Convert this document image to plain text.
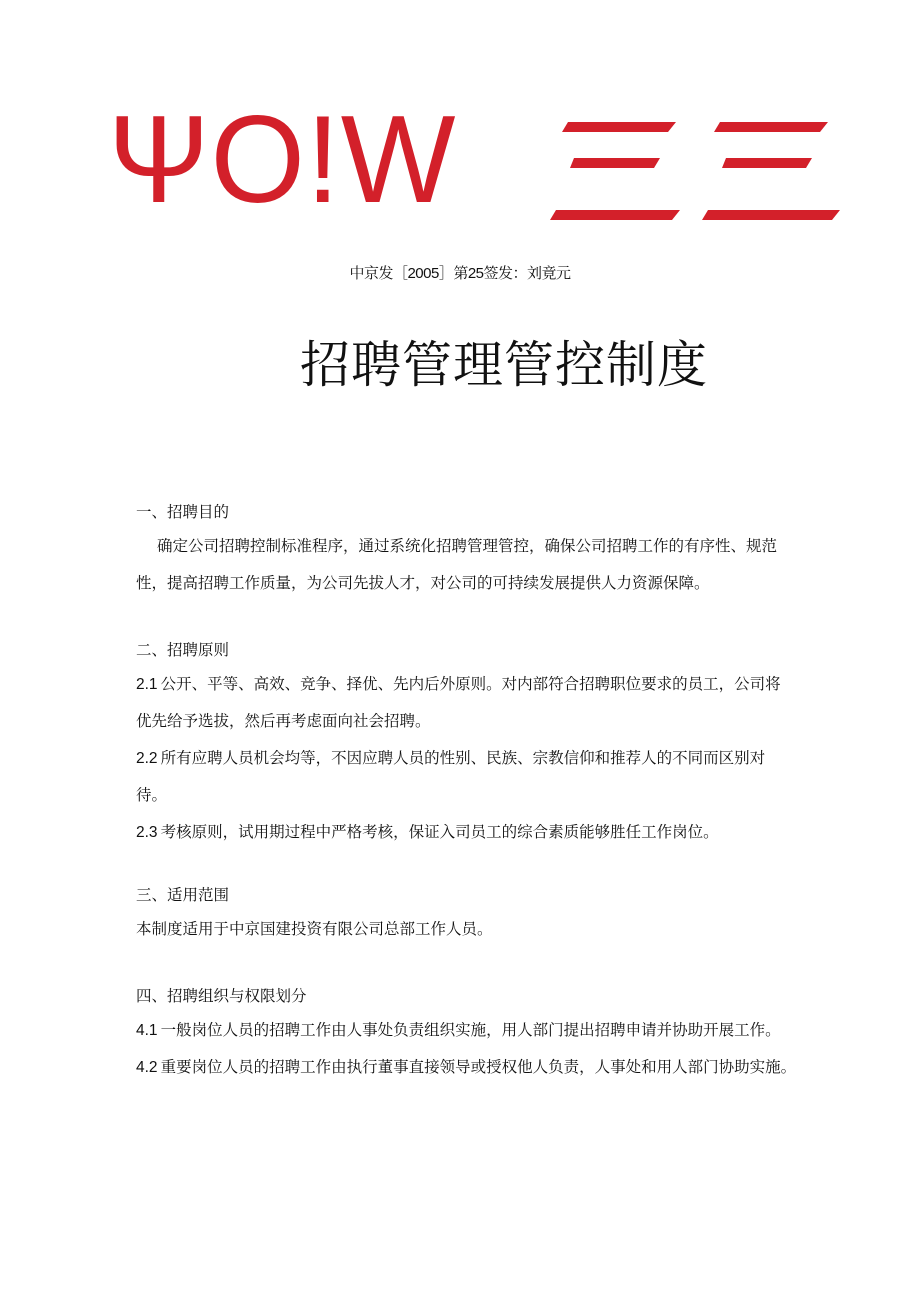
ΨO!W
中京发［2005］第25签发：刘竟元
招聘管理管控制度

一、招聘目的

确定公司招聘控制标准程序，通过系统化招聘管理管控，确保公司招聘工作的有序性、规范

性，提高招聘工作质量，为公司先拔人才，对公司的可持续发展提供人力资源保障。

二、招聘原则

2.1 公开、平等、高效、竞争、择优、先内后外原则。对内部符合招聘职位要求的员工，公司将

优先给予选拔，然后再考虑面向社会招聘。

2.2 所有应聘人员机会均等，不因应聘人员的性别、民族、宗教信仰和推荐人的不同而区别对

待。

2.3 考核原则，试用期过程中严格考核，保证入司员工的综合素质能够胜任工作岗位。

三、适用范围

本制度适用于中京国建投资有限公司总部工作人员。

四、招聘组织与权限划分

4.1 一般岗位人员的招聘工作由人事处负责组织实施，用人部门提出招聘申请并协助开展工作。

4.2 重要岗位人员的招聘工作由执行董事直接领导或授权他人负责，人事处和用人部门协助实施。
